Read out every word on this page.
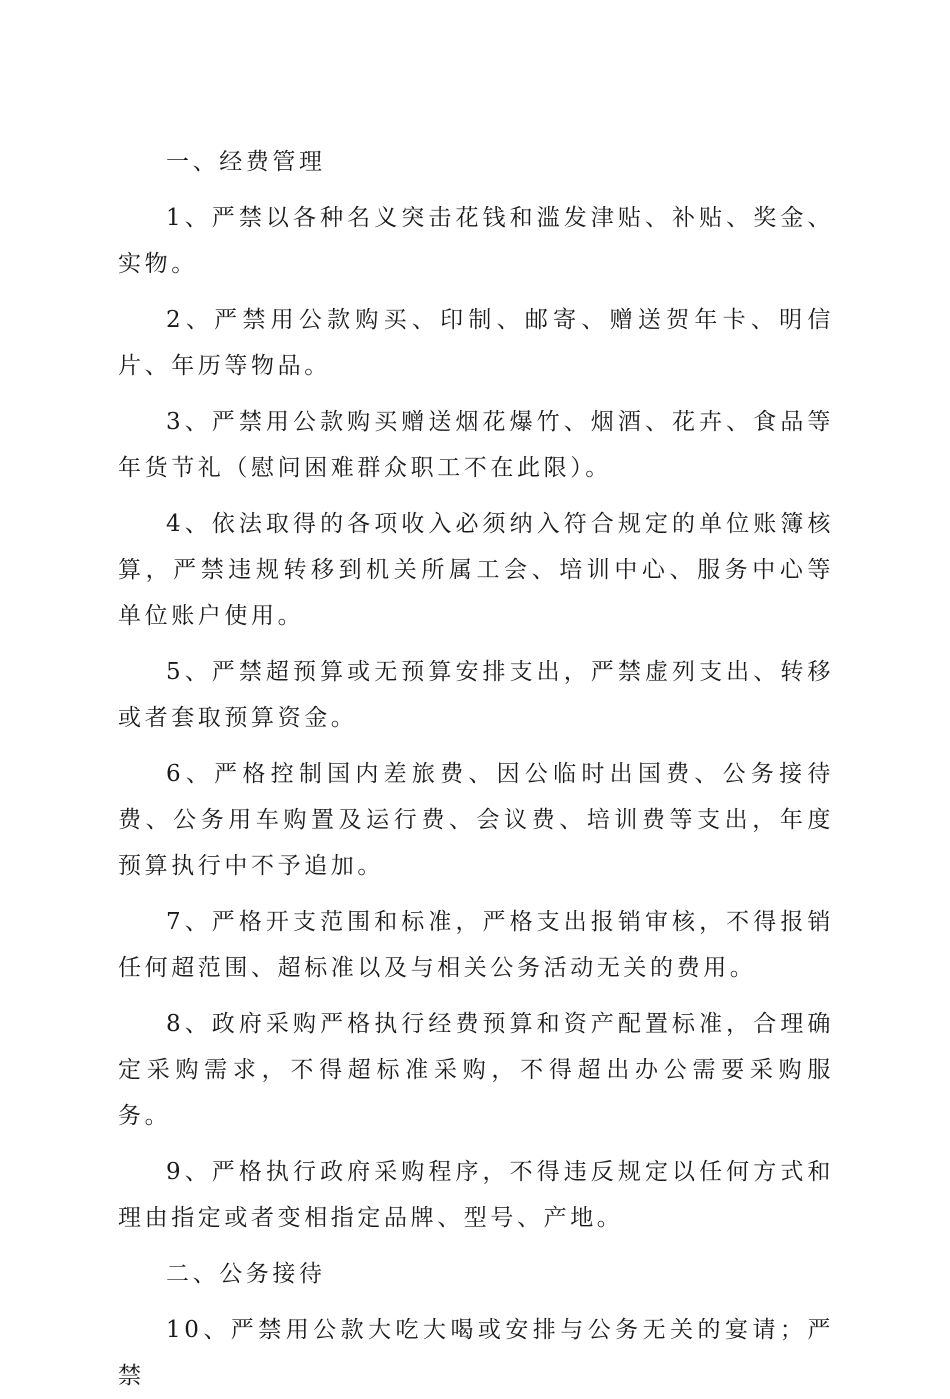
一、经费管理
1、严禁以各种名义突击花钱和滥发津贴、补贴、奖金、实物。
2、严禁用公款购买、印制、邮寄、赠送贺年卡、明信片、年历等物品。
3、严禁用公款购买赠送烟花爆竹、烟酒、花卉、食品等年货节礼（慰问困难群众职工不在此限）。
4、依法取得的各项收入必须纳入符合规定的单位账簿核算，严禁违规转移到机关所属工会、培训中心、服务中心等单位账户使用。
5、严禁超预算或无预算安排支出，严禁虚列支出、转移或者套取预算资金。
6、严格控制国内差旅费、因公临时出国费、公务接待费、公务用车购置及运行费、会议费、培训费等支出，年度预算执行中不予追加。
7、严格开支范围和标准，严格支出报销审核，不得报销任何超范围、超标准以及与相关公务活动无关的费用。
8、政府采购严格执行经费预算和资产配置标准，合理确定采购需求，不得超标准采购，不得超出办公需要采购服务。
9、严格执行政府采购程序，不得违反规定以任何方式和理由指定或者变相指定品牌、型号、产地。
二、公务接待
10、严禁用公款大吃大喝或安排与公务无关的宴请；严禁
